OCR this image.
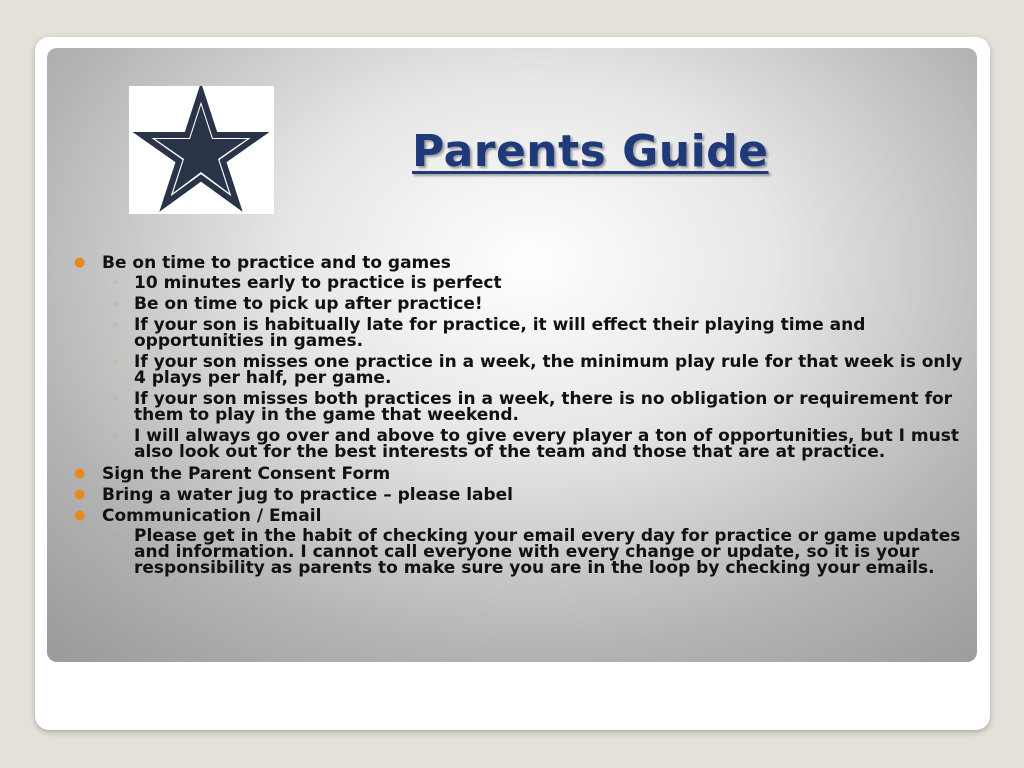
Parents Guide
● Be on time to practice and to games
◦ 10 minutes early to practice is perfect
◦ Be on time to pick up after practice!
◦ If your son is habitually late for practice, it will effect their playing time and opportunities in games.
◦ If your son misses one practice in a week, the minimum play rule for that week is only 4 plays per half, per game.
◦ If your son misses both practices in a week, there is no obligation or requirement for them to play in the game that weekend.
◦ I will always go over and above to give every player a ton of opportunities, but I must also look out for the best interests of the team and those that are at practice.
● Sign the Parent Consent Form
● Bring a water jug to practice – please label
● Communication / Email
◦ Please get in the habit of checking your email every day for practice or game updates and information. I cannot call everyone with every change or update, so it is your responsibility as parents to make sure you are in the loop by checking your emails.
